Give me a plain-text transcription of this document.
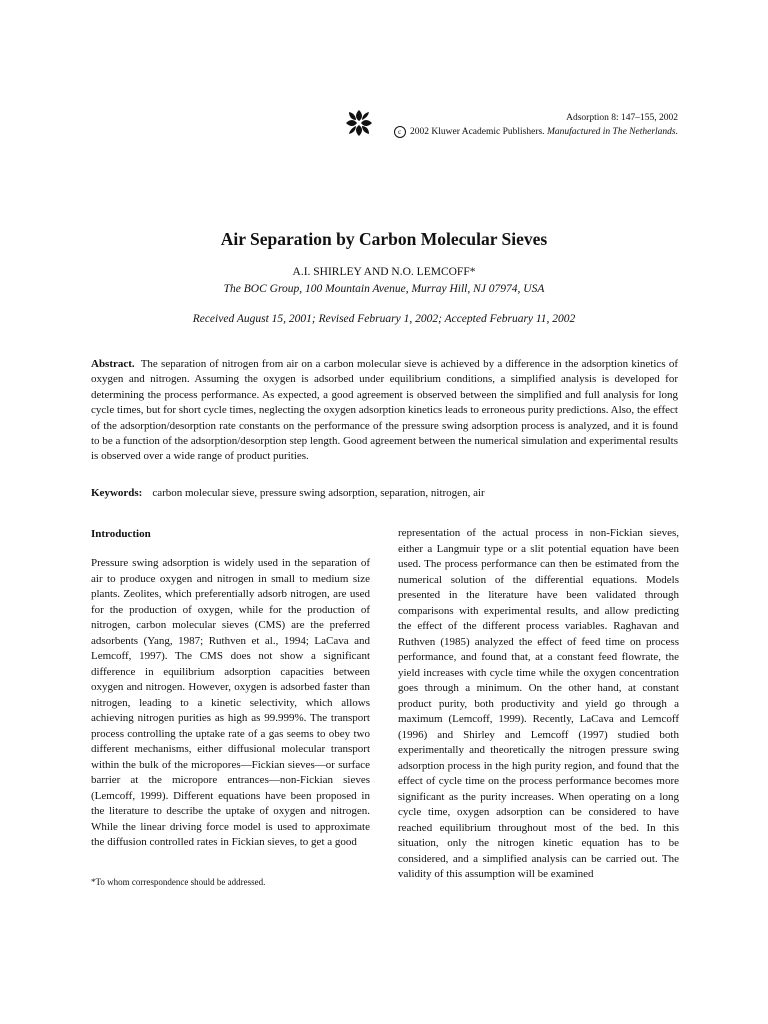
Adsorption 8: 147–155, 2002
c 2002 Kluwer Academic Publishers. Manufactured in The Netherlands.
Air Separation by Carbon Molecular Sieves
A.I. SHIRLEY AND N.O. LEMCOFF*
The BOC Group, 100 Mountain Avenue, Murray Hill, NJ 07974, USA
Received August 15, 2001; Revised February 1, 2002; Accepted February 11, 2002
Abstract. The separation of nitrogen from air on a carbon molecular sieve is achieved by a difference in the adsorption kinetics of oxygen and nitrogen. Assuming the oxygen is adsorbed under equilibrium conditions, a simplified analysis is developed for determining the process performance. As expected, a good agreement is observed between the simplified and full analysis for long cycle times, but for short cycle times, neglecting the oxygen adsorption kinetics leads to erroneous purity predictions. Also, the effect of the adsorption/desorption rate constants on the performance of the pressure swing adsorption process is analyzed, and it is found to be a function of the adsorption/desorption step length. Good agreement between the numerical simulation and experimental results is observed over a wide range of product purities.
Keywords: carbon molecular sieve, pressure swing adsorption, separation, nitrogen, air
Introduction
Pressure swing adsorption is widely used in the separation of air to produce oxygen and nitrogen in small to medium size plants. Zeolites, which preferentially adsorb nitrogen, are used for the production of oxygen, while for the production of nitrogen, carbon molecular sieves (CMS) are the preferred adsorbents (Yang, 1987; Ruthven et al., 1994; LaCava and Lemcoff, 1997). The CMS does not show a significant difference in equilibrium adsorption capacities between oxygen and nitrogen. However, oxygen is adsorbed faster than nitrogen, leading to a kinetic selectivity, which allows achieving nitrogen purities as high as 99.999%. The transport process controlling the uptake rate of a gas seems to obey two different mechanisms, either diffusional molecular transport within the bulk of the micropores—Fickian sieves—or surface barrier at the micropore entrances—non-Fickian sieves (Lemcoff, 1999). Different equations have been proposed in the literature to describe the uptake of oxygen and nitrogen. While the linear driving force model is used to approximate the diffusion controlled rates in Fickian sieves, to get a good
representation of the actual process in non-Fickian sieves, either a Langmuir type or a slit potential equation have been used. The process performance can then be estimated from the numerical solution of the differential equations. Models presented in the literature have been validated through comparisons with experimental results, and allow predicting the effect of the different process variables. Raghavan and Ruthven (1985) analyzed the effect of feed time on process performance, and found that, at a constant feed flowrate, the yield increases with cycle time while the oxygen concentration goes through a minimum. On the other hand, at constant product purity, both productivity and yield go through a maximum (Lemcoff, 1999). Recently, LaCava and Lemcoff (1996) and Shirley and Lemcoff (1997) studied both experimentally and theoretically the nitrogen pressure swing adsorption process in the high purity region, and found that the effect of cycle time on the process performance becomes more significant as the purity increases. When operating on a long cycle time, oxygen adsorption can be considered to have reached equilibrium throughout most of the bed. In this situation, only the nitrogen kinetic equation has to be considered, and a simplified analysis can be carried out. The validity of this assumption will be examined
*To whom correspondence should be addressed.
